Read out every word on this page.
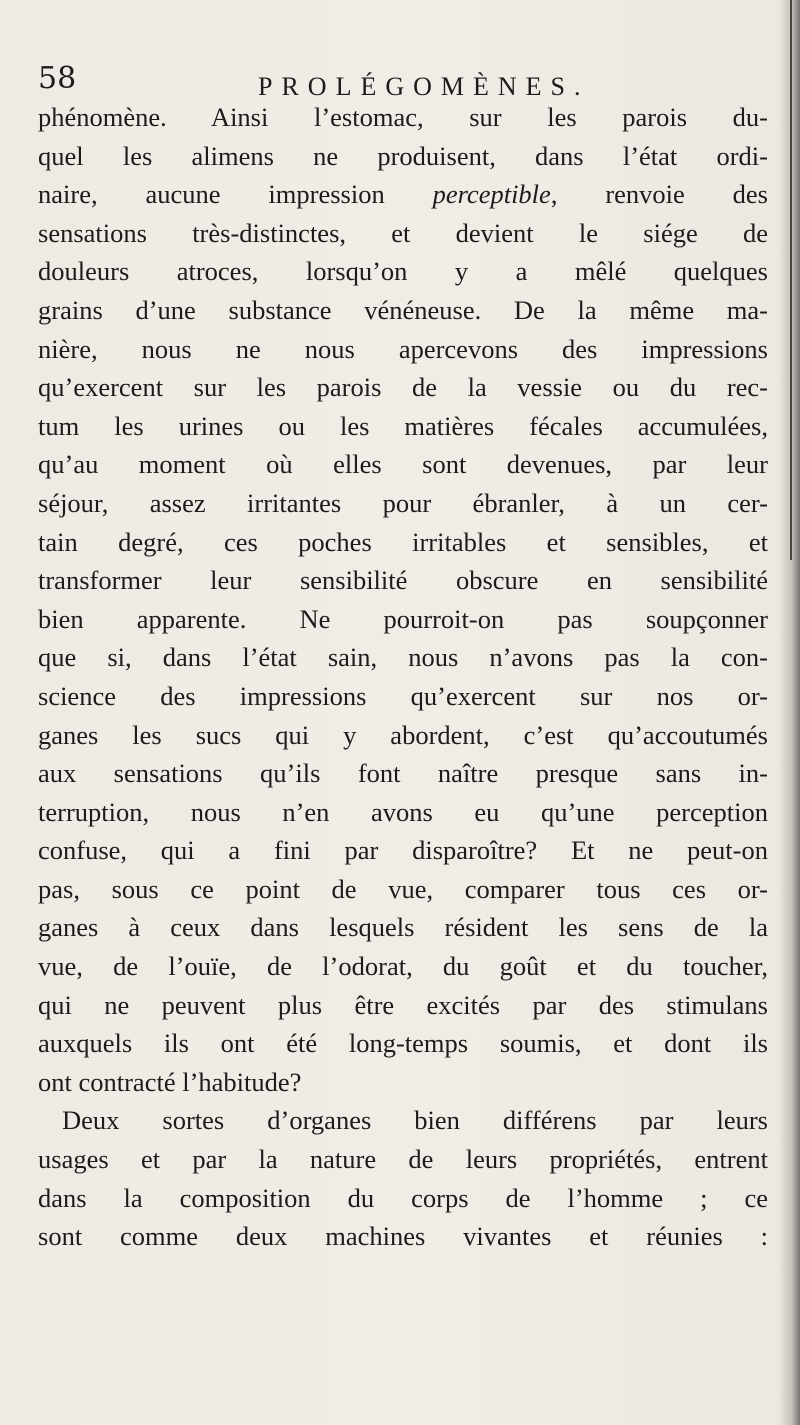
58	PROLÉGOMÈNES.
phénomène. Ainsi l’estomac, sur les parois du-
quel les alimens ne produisent, dans l’état ordi-
naire, aucune impression perceptible, renvoie des
sensations très-distinctes, et devient le siége de
douleurs atroces, lorsqu’on y a mêlé quelques
grains d’une substance vénéneuse. De la même ma-
nière, nous ne nous apercevons des impressions
qu’exercent sur les parois de la vessie ou du rec-
tum les urines ou les matières fécales accumulées,
qu’au moment où elles sont devenues, par leur
séjour, assez irritantes pour ébranler, à un cer-
tain degré, ces poches irritables et sensibles, et
transformer leur sensibilité obscure en sensibilité
bien apparente. Ne pourroit-on pas soupçonner
que si, dans l’état sain, nous n’avons pas la con-
science des impressions qu’exercent sur nos or-
ganes les sucs qui y abordent, c’est qu’accoutumés
aux sensations qu’ils font naître presque sans in-
terruption, nous n’en avons eu qu’une perception
confuse, qui a fini par disparoître? Et ne peut-on
pas, sous ce point de vue, comparer tous ces or-
ganes à ceux dans lesquels résident les sens de la
vue, de l’ouïe, de l’odorat, du goût et du toucher,
qui ne peuvent plus être excités par des stimulans
auxquels ils ont été long-temps soumis, et dont ils
ont contracté l’habitude?
Deux sortes d’organes bien différens par leurs
usages et par la nature de leurs propriétés, entrent
dans la composition du corps de l’homme ; ce
sont comme deux machines vivantes et réunies :
